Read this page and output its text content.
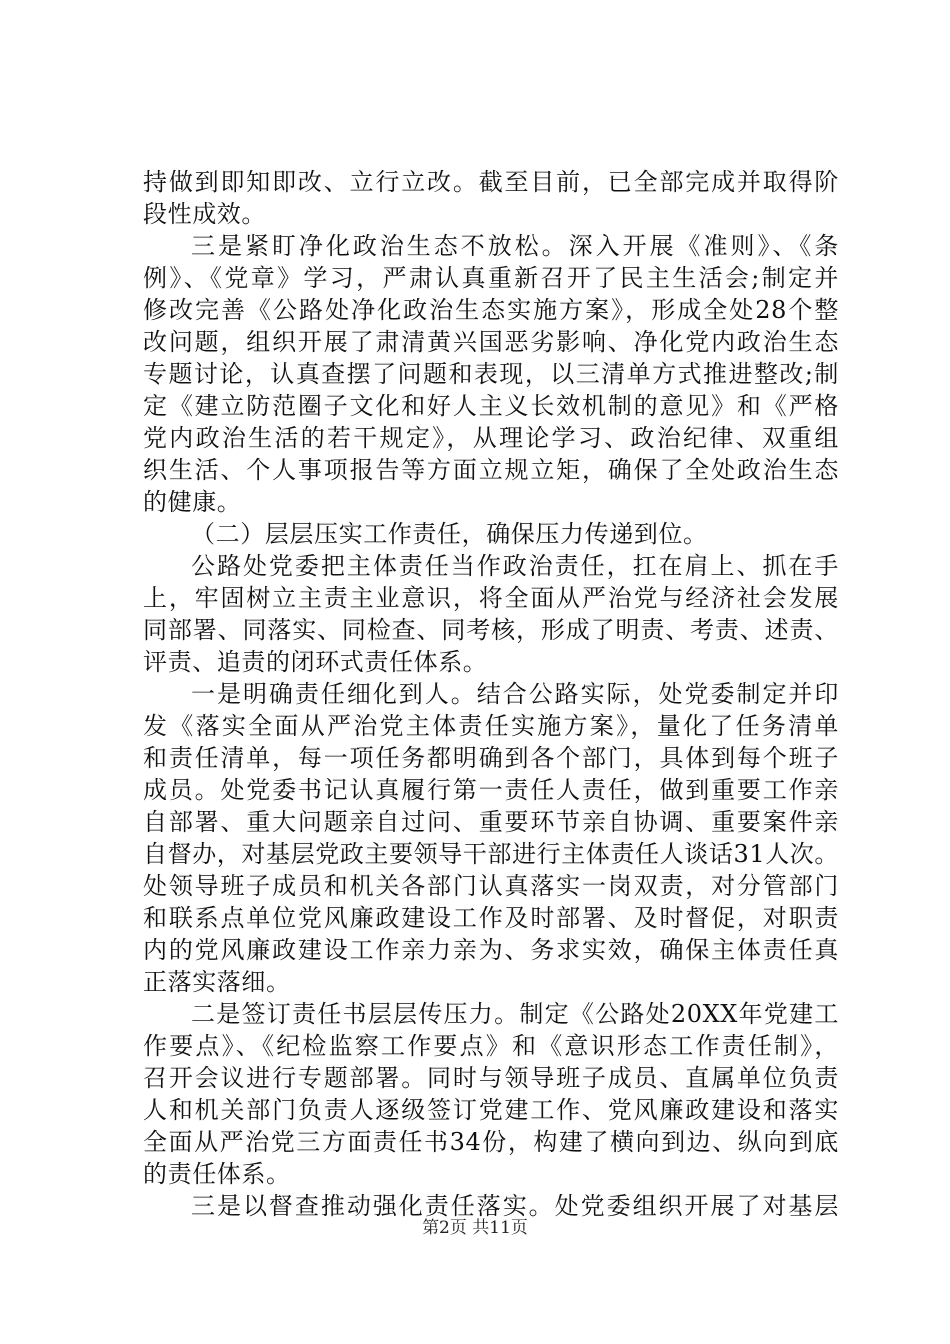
持做到即知即改、立行立改。截至目前，已全部完成并取得阶
段性成效。
三是紧盯净化政治生态不放松。深入开展《准则》、《条
例》、《党章》学习，严肃认真重新召开了民主生活会;制定并
修改完善《公路处净化政治生态实施方案》，形成全处28个整
改问题，组织开展了肃清黄兴国恶劣影响、净化党内政治生态
专题讨论，认真查摆了问题和表现，以三清单方式推进整改;制
定《建立防范圈子文化和好人主义长效机制的意见》和《严格
党内政治生活的若干规定》，从理论学习、政治纪律、双重组
织生活、个人事项报告等方面立规立矩，确保了全处政治生态
的健康。
（二）层层压实工作责任，确保压力传递到位。
公路处党委把主体责任当作政治责任，扛在肩上、抓在手
上，牢固树立主责主业意识，将全面从严治党与经济社会发展
同部署、同落实、同检查、同考核，形成了明责、考责、述责、
评责、追责的闭环式责任体系。
一是明确责任细化到人。结合公路实际，处党委制定并印
发《落实全面从严治党主体责任实施方案》，量化了任务清单
和责任清单，每一项任务都明确到各个部门，具体到每个班子
成员。处党委书记认真履行第一责任人责任，做到重要工作亲
自部署、重大问题亲自过问、重要环节亲自协调、重要案件亲
自督办，对基层党政主要领导干部进行主体责任人谈话31人次。
处领导班子成员和机关各部门认真落实一岗双责，对分管部门
和联系点单位党风廉政建设工作及时部署、及时督促，对职责
内的党风廉政建设工作亲力亲为、务求实效，确保主体责任真
正落实落细。
二是签订责任书层层传压力。制定《公路处20XX年党建工
作要点》、《纪检监察工作要点》和《意识形态工作责任制》，
召开会议进行专题部署。同时与领导班子成员、直属单位负责
人和机关部门负责人逐级签订党建工作、党风廉政建设和落实
全面从严治党三方面责任书34份，构建了横向到边、纵向到底
的责任体系。
三是以督查推动强化责任落实。处党委组织开展了对基层
第2页 共11页
